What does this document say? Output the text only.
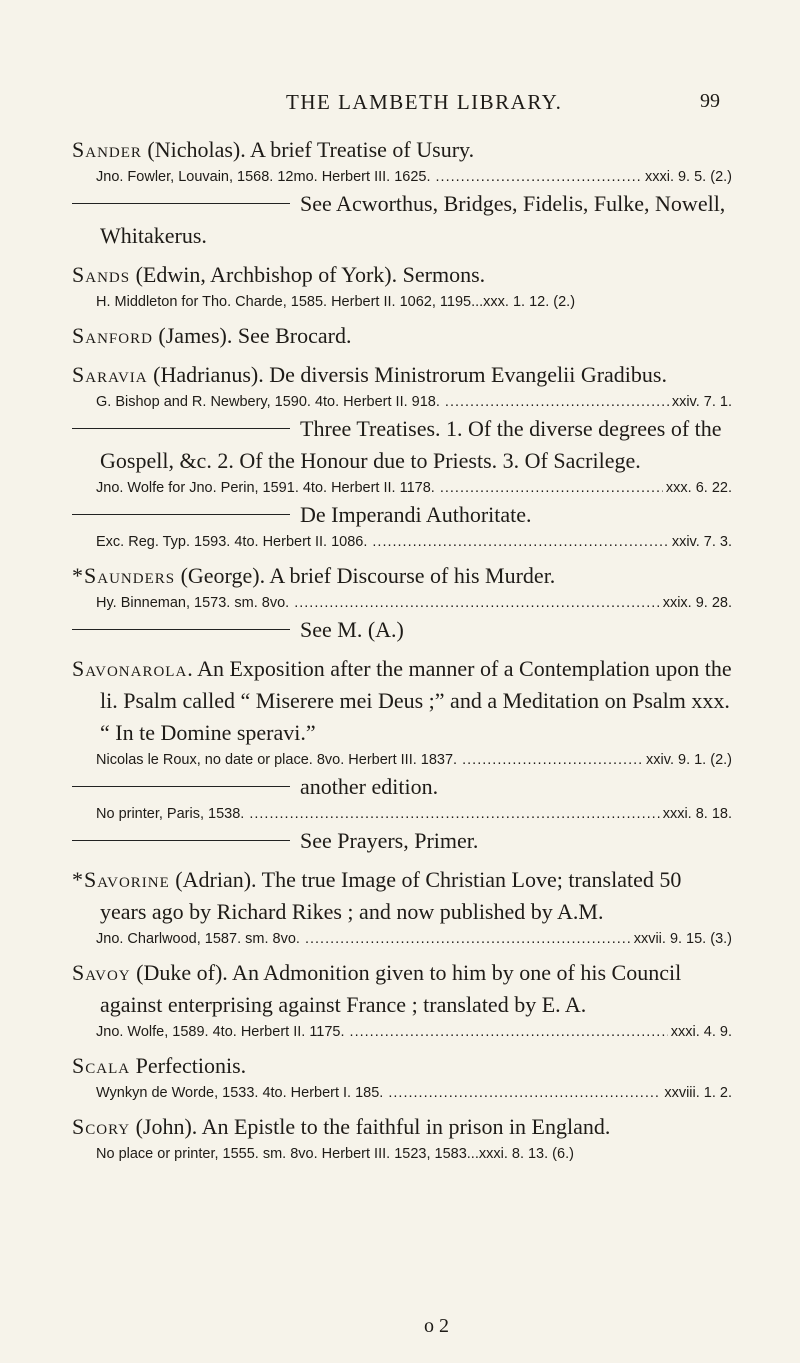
THE LAMBETH LIBRARY.	99
Sander (Nicholas). A brief Treatise of Usury.
Jno. Fowler, Louvain, 1568. 12mo. Herbert III. 1625. .....	xxxi. 9. 5. (2.)
See Acworthus, Bridges, Fidelis, Fulke, Nowell, Whitakerus.
Sands (Edwin, Archbishop of York). Sermons.
H. Middleton for Tho. Charde, 1585. Herbert II. 1062, 1195...xxx. 1. 12. (2.)
Sanford (James). See Brocard.
Saravia (Hadrianus). De diversis Ministrorum Evangelii Gradibus.
G. Bishop and R. Newbery, 1590. 4to. Herbert II. 918. .....	xxiv. 7. 1.
Three Treatises. 1. Of the diverse degrees of the Gospell, &c. 2. Of the Honour due to Priests. 3. Of Sacrilege.
Jno. Wolfe for Jno. Perin, 1591. 4to. Herbert II. 1178. .....	xxx. 6. 22.
De Imperandi Authoritate.
Exc. Reg. Typ. 1593. 4to. Herbert II. 1086. .....	xxiv. 7. 3.
*Saunders (George). A brief Discourse of his Murder.
Hy. Binneman, 1573. sm. 8vo. .....	xxix. 9. 28.
See M. (A.)
Savonarola. An Exposition after the manner of a Contemplation upon the li. Psalm called “ Miserere mei Deus ;” and a Meditation on Psalm xxx. “ In te Domine speravi.”
Nicolas le Roux, no date or place. 8vo. Herbert III. 1837. .....	xxiv. 9. 1. (2.)
another edition.
No printer, Paris, 1538. .....	xxxi. 8. 18.
See Prayers, Primer.
*Savorine (Adrian). The true Image of Christian Love; translated 50 years ago by Richard Rikes ; and now published by A.M.
Jno. Charlwood, 1587. sm. 8vo. .....	xxvii. 9. 15. (3.)
Savoy (Duke of). An Admonition given to him by one of his Council against enterprising against France ; translated by E. A.
Jno. Wolfe, 1589. 4to. Herbert II. 1175. .....	xxxi. 4. 9.
Scala Perfectionis.
Wynkyn de Worde, 1533. 4to. Herbert I. 185. .....	xxviii. 1. 2.
Scory (John). An Epistle to the faithful in prison in England.
No place or printer, 1555. sm. 8vo. Herbert III. 1523, 1583...xxxi. 8. 13. (6.)
o 2
